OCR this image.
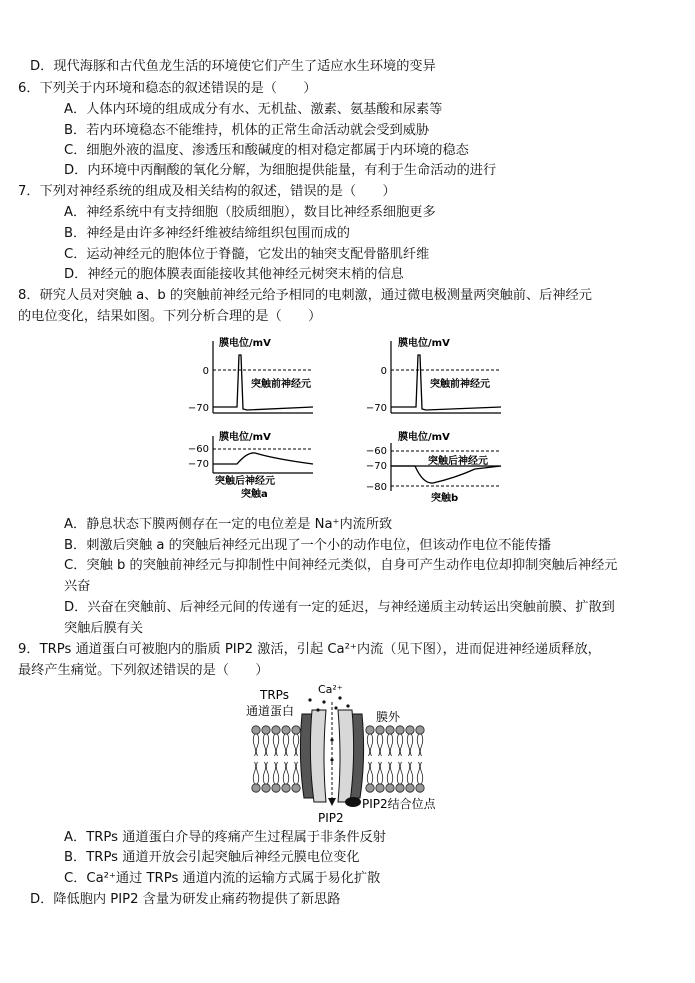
D．现代海豚和古代鱼龙生活的环境使它们产生了适应水生环境的变异
6．下列关于内环境和稳态的叙述错误的是（　　）
A．人体内环境的组成成分有水、无机盐、激素、氨基酸和尿素等
B．若内环境稳态不能维持，机体的正常生命活动就会受到威胁
C．细胞外液的温度、渗透压和酸碱度的相对稳定都属于内环境的稳态
D．内环境中丙酮酸的氧化分解，为细胞提供能量，有利于生命活动的进行
7．下列对神经系统的组成及相关结构的叙述，错误的是（　　）
A．神经系统中有支持细胞（胶质细胞），数目比神经系细胞更多
B．神经是由许多神经纤维被结缔组织包围而成的
C．运动神经元的胞体位于脊髓，它发出的轴突支配骨骼肌纤维
D．神经元的胞体膜表面能接收其他神经元树突末梢的信息
8．研究人员对突触 a、b 的突触前神经元给予相同的电刺激，通过微电极测量两突触前、后神经元
的电位变化，结果如图。下列分析合理的是（　　）
膜电位/mV
0
−70
突触前神经元
膜电位/mV
0
−70
突触前神经元
膜电位/mV
−60
−70
突触后神经元
突触a
膜电位/mV
−60
−70
−80
突触后神经元
突触b
A．静息状态下膜两侧存在一定的电位差是 Na⁺内流所致
B．刺激后突触 a 的突触后神经元出现了一个小的动作电位，但该动作电位不能传播
C．突触 b 的突触前神经元与抑制性中间神经元类似，自身可产生动作电位却抑制突触后神经元
兴奋
D．兴奋在突触前、后神经元间的传递有一定的延迟，与神经递质主动转运出突触前膜、扩散到
突触后膜有关
9．TRPs 通道蛋白可被胞内的脂质 PIP2 激活，引起 Ca²⁺内流（见下图），进而促进神经递质释放，
最终产生痛觉。下列叙述错误的是（　　）
TRPs
通道蛋白
Ca²⁺
膜外
PIP2结合位点
PIP2
A．TRPs 通道蛋白介导的疼痛产生过程属于非条件反射
B．TRPs 通道开放会引起突触后神经元膜电位变化
C．Ca²⁺通过 TRPs 通道内流的运输方式属于易化扩散
D．降低胞内 PIP2 含量为研发止痛药物提供了新思路
